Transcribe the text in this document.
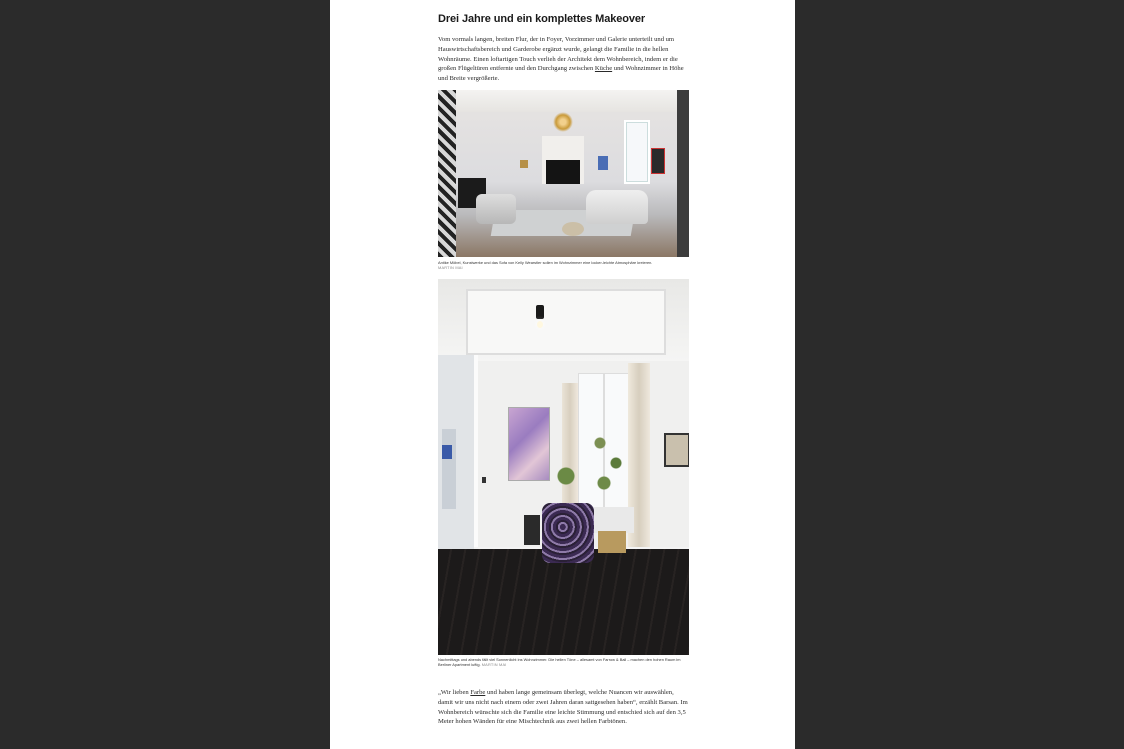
Drei Jahre und ein komplettes Makeover

Vom vormals langen, breiten Flur, der in Foyer, Vorzimmer und Galerie unterteilt und um Hauswirtschaftsbereich und Garderobe ergänzt wurde, gelangt die Familie in die hellen Wohnräume. Einen loftartigen Touch verlieh der Architekt dem Wohnbereich, indem er die großen Flügeltüren entfernte und den Durchgang zwischen Küche und Wohnzimmer in Höhe und Breite vergrößerte.

Antike Möbel, Kunstwerke und das Sofa von Kelly Wearstler sollen im Wohnzimmer eine locker-leichte Atmosphäre kreieren.
MARTIN MAI
Nachmittags und abends fällt viel Sonnenlicht ins Wohnzimmer. Die hellen Töne – allesamt von Farrow & Ball – machen den hohen Raum im Berliner Apartment luftig. MARTIN MAI

„Wir lieben Farbe und haben lange gemeinsam überlegt, welche Nuancen wir auswählen, damit wir uns nicht nach einem oder zwei Jahren daran sattgesehen haben“, erzählt Barsan. Im Wohnbereich wünschte sich die Familie eine leichte Stimmung und entschied sich auf den 3,5 Meter hohen Wänden für eine Mischtechnik aus zwei hellen Farbtönen.
